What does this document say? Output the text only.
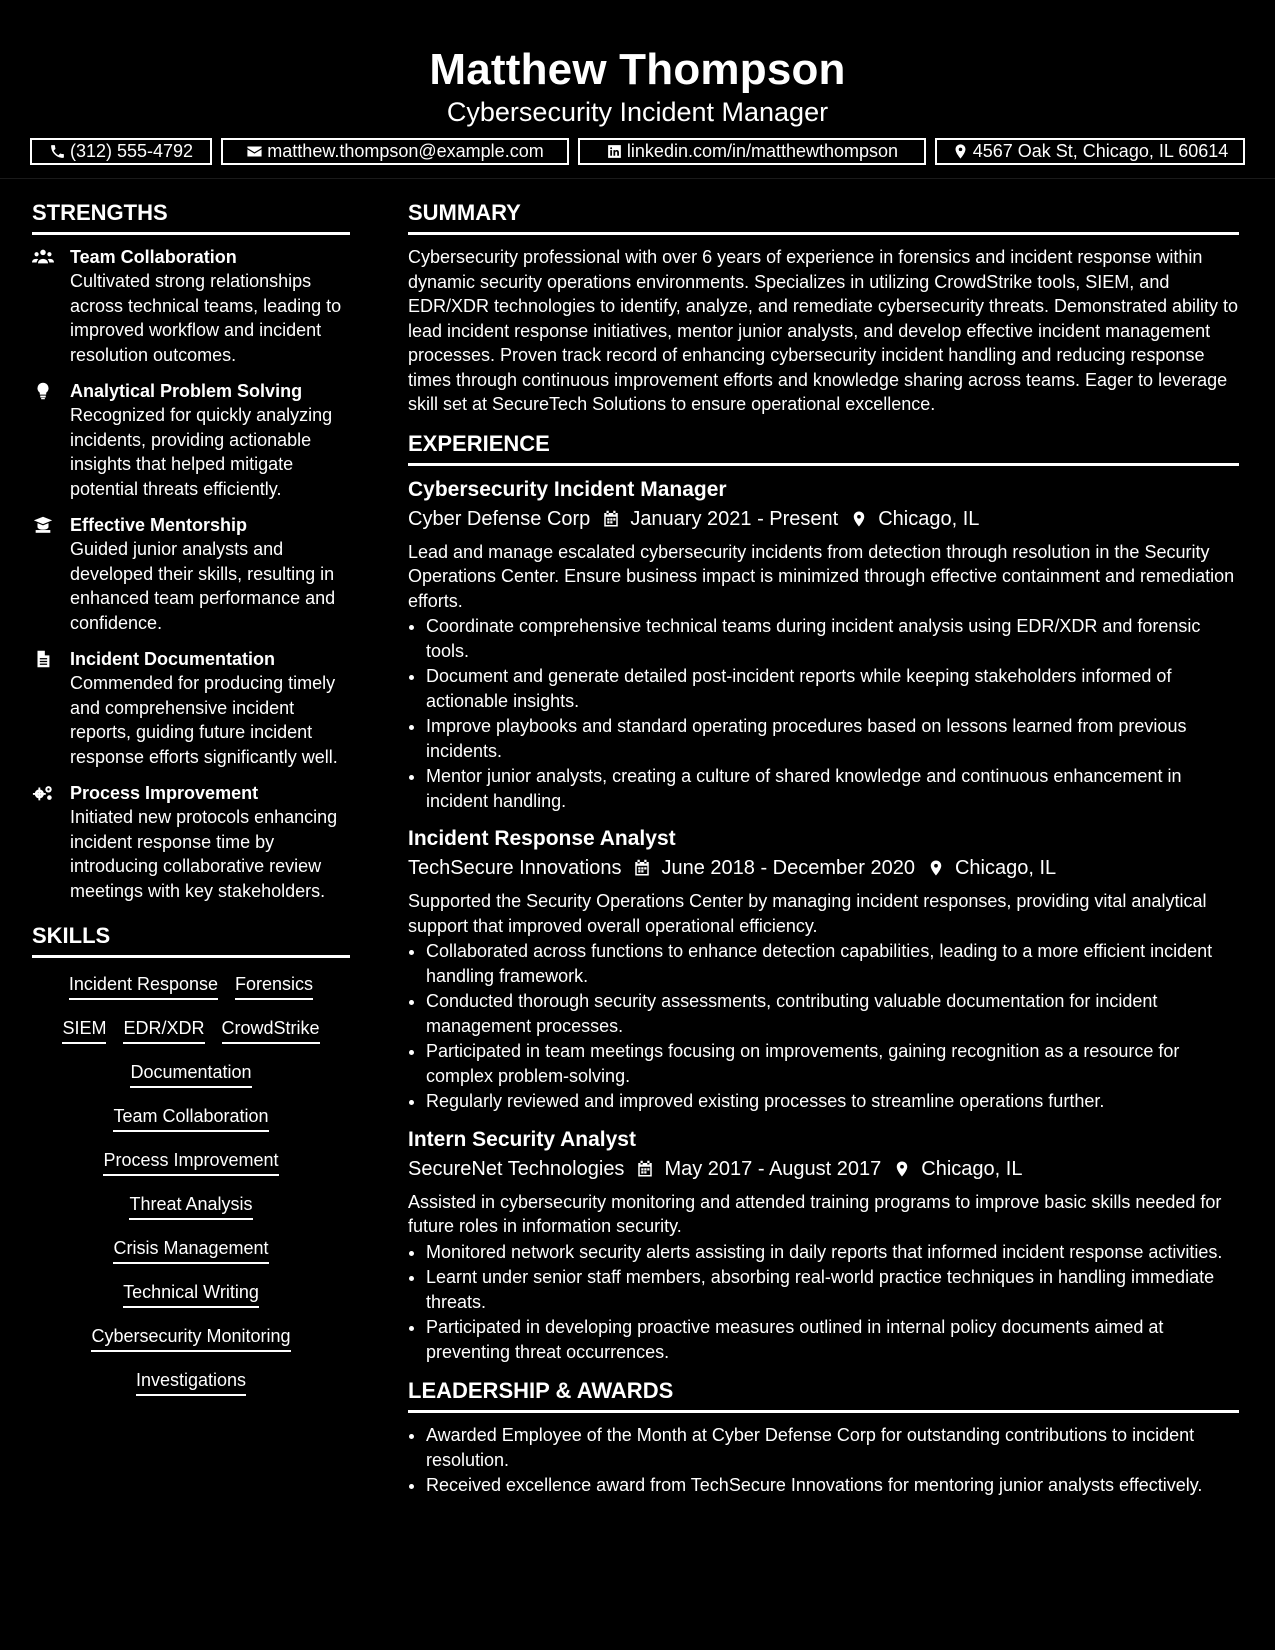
Matthew Thompson
Cybersecurity Incident Manager
(312) 555-4792	matthew.thompson@example.com	linkedin.com/in/matthewthompson	4567 Oak St, Chicago, IL 60614
STRENGTHS
Team Collaboration
Cultivated strong relationships across technical teams, leading to improved workflow and incident resolution outcomes.
Analytical Problem Solving
Recognized for quickly analyzing incidents, providing actionable insights that helped mitigate potential threats efficiently.
Effective Mentorship
Guided junior analysts and developed their skills, resulting in enhanced team performance and confidence.
Incident Documentation
Commended for producing timely and comprehensive incident reports, guiding future incident response efforts significantly well.
Process Improvement
Initiated new protocols enhancing incident response time by introducing collaborative review meetings with key stakeholders.
SKILLS
Incident Response Forensics
SIEM EDR/XDR CrowdStrike
Documentation
Team Collaboration
Process Improvement
Threat Analysis
Crisis Management
Technical Writing
Cybersecurity Monitoring
Investigations
SUMMARY
Cybersecurity professional with over 6 years of experience in forensics and incident response within dynamic security operations environments. Specializes in utilizing CrowdStrike tools, SIEM, and EDR/XDR technologies to identify, analyze, and remediate cybersecurity threats. Demonstrated ability to lead incident response initiatives, mentor junior analysts, and develop effective incident management processes. Proven track record of enhancing cybersecurity incident handling and reducing response times through continuous improvement efforts and knowledge sharing across teams. Eager to leverage skill set at SecureTech Solutions to ensure operational excellence.
EXPERIENCE
Cybersecurity Incident Manager
Cyber Defense Corp January 2021 - Present Chicago, IL
Lead and manage escalated cybersecurity incidents from detection through resolution in the Security Operations Center. Ensure business impact is minimized through effective containment and remediation efforts.
• Coordinate comprehensive technical teams during incident analysis using EDR/XDR and forensic tools.
• Document and generate detailed post-incident reports while keeping stakeholders informed of actionable insights.
• Improve playbooks and standard operating procedures based on lessons learned from previous incidents.
• Mentor junior analysts, creating a culture of shared knowledge and continuous enhancement in incident handling.
Incident Response Analyst
TechSecure Innovations June 2018 - December 2020 Chicago, IL
Supported the Security Operations Center by managing incident responses, providing vital analytical support that improved overall operational efficiency.
• Collaborated across functions to enhance detection capabilities, leading to a more efficient incident handling framework.
• Conducted thorough security assessments, contributing valuable documentation for incident management processes.
• Participated in team meetings focusing on improvements, gaining recognition as a resource for complex problem-solving.
• Regularly reviewed and improved existing processes to streamline operations further.
Intern Security Analyst
SecureNet Technologies May 2017 - August 2017 Chicago, IL
Assisted in cybersecurity monitoring and attended training programs to improve basic skills needed for future roles in information security.
• Monitored network security alerts assisting in daily reports that informed incident response activities.
• Learnt under senior staff members, absorbing real-world practice techniques in handling immediate threats.
• Participated in developing proactive measures outlined in internal policy documents aimed at preventing threat occurrences.
LEADERSHIP & AWARDS
• Awarded Employee of the Month at Cyber Defense Corp for outstanding contributions to incident resolution.
• Received excellence award from TechSecure Innovations for mentoring junior analysts effectively.
